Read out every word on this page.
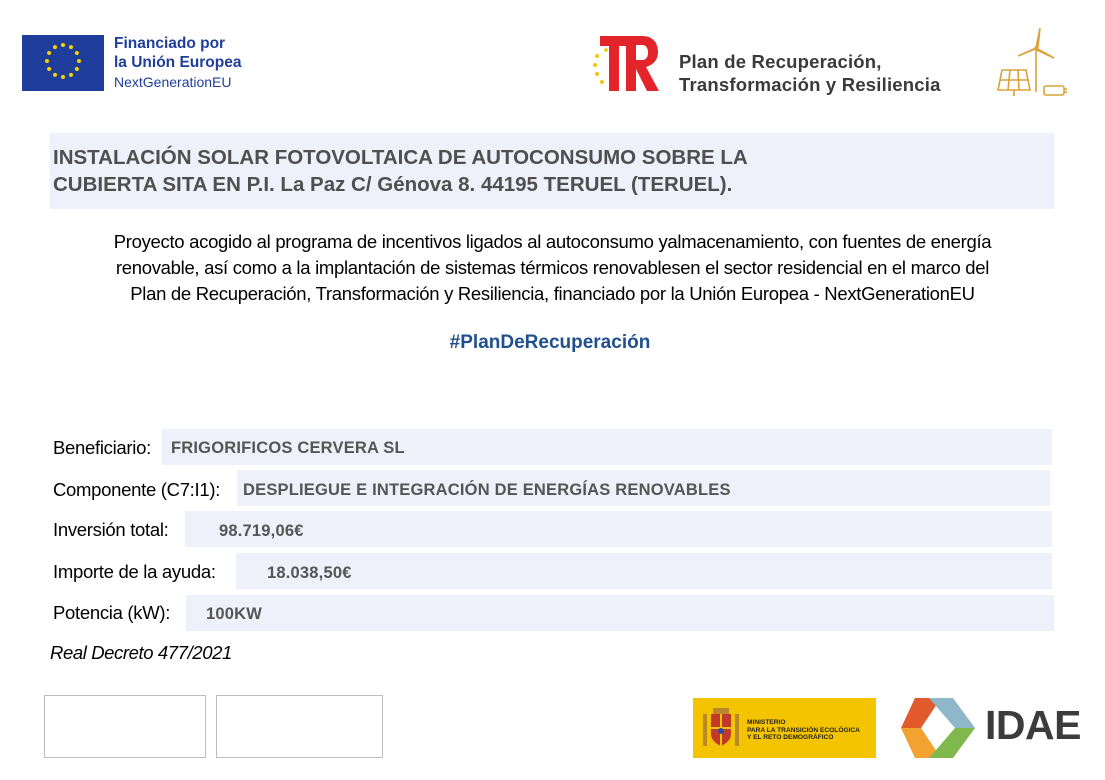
Financiado por
la Unión Europea
NextGenerationEU
Plan de Recuperación,
Transformación y Resiliencia
INSTALACIÓN SOLAR FOTOVOLTAICA DE AUTOCONSUMO SOBRE LA
CUBIERTA SITA EN P.I. La Paz C/ Génova 8. 44195 TERUEL (TERUEL).
Proyecto acogido al programa de incentivos ligados al autoconsumo yalmacenamiento, con fuentes de energía
renovable, así como a la implantación de sistemas térmicos renovablesen el sector residencial en el marco del
Plan de Recuperación, Transformación y Resiliencia, financiado por la Unión Europea - NextGenerationEU
#PlanDeRecuperación
Beneficiario: FRIGORIFICOS CERVERA SL
Componente (C7:I1): DESPLIEGUE E INTEGRACIÓN DE ENERGÍAS RENOVABLES
Inversión total:	98.719,06€
Importe de la ayuda:	18.038,50€
Potencia (kW): 100KW
Real Decreto 477/2021
MINISTERIO
PARA LA TRANSICIÓN ECOLÓGICA
Y EL RETO DEMOGRÁFICO	IDAE
